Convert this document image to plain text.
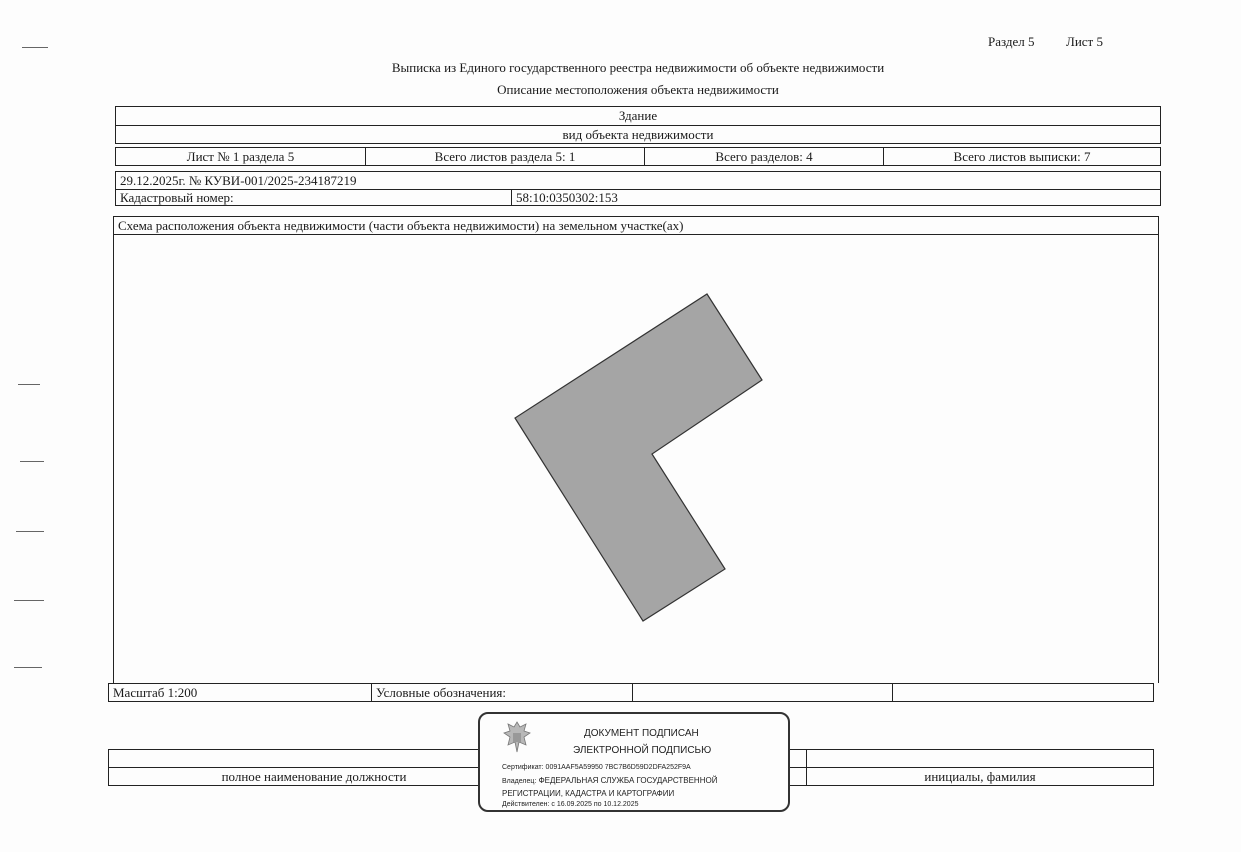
Раздел 5 Лист 5
Выписка из Единого государственного реестра недвижимости об объекте недвижимости
Описание местоположения объекта недвижимости
Здание
вид объекта недвижимости
Лист № 1 раздела 5	Всего листов раздела 5: 1	Всего разделов: 4	Всего листов выписки: 7
29.12.2025г. № КУВИ-001/2025-234187219
Кадастровый номер:	58:10:0350302:153
Схема расположения объекта недвижимости (части объекта недвижимости) на земельном участке(ах)
Масштаб 1:200	Условные обозначения:
полное наименование должности	инициалы, фамилия
ДОКУМЕНТ ПОДПИСАН
ЭЛЕКТРОННОЙ ПОДПИСЬЮ
Сертификат: 0091AAF5A59950 7BC7B6D59D2DFA252F9A
Владелец: ФЕДЕРАЛЬНАЯ СЛУЖБА ГОСУДАРСТВЕННОЙ
РЕГИСТРАЦИИ, КАДАСТРА И КАРТОГРАФИИ
Действителен: с 16.09.2025 по 10.12.2025
